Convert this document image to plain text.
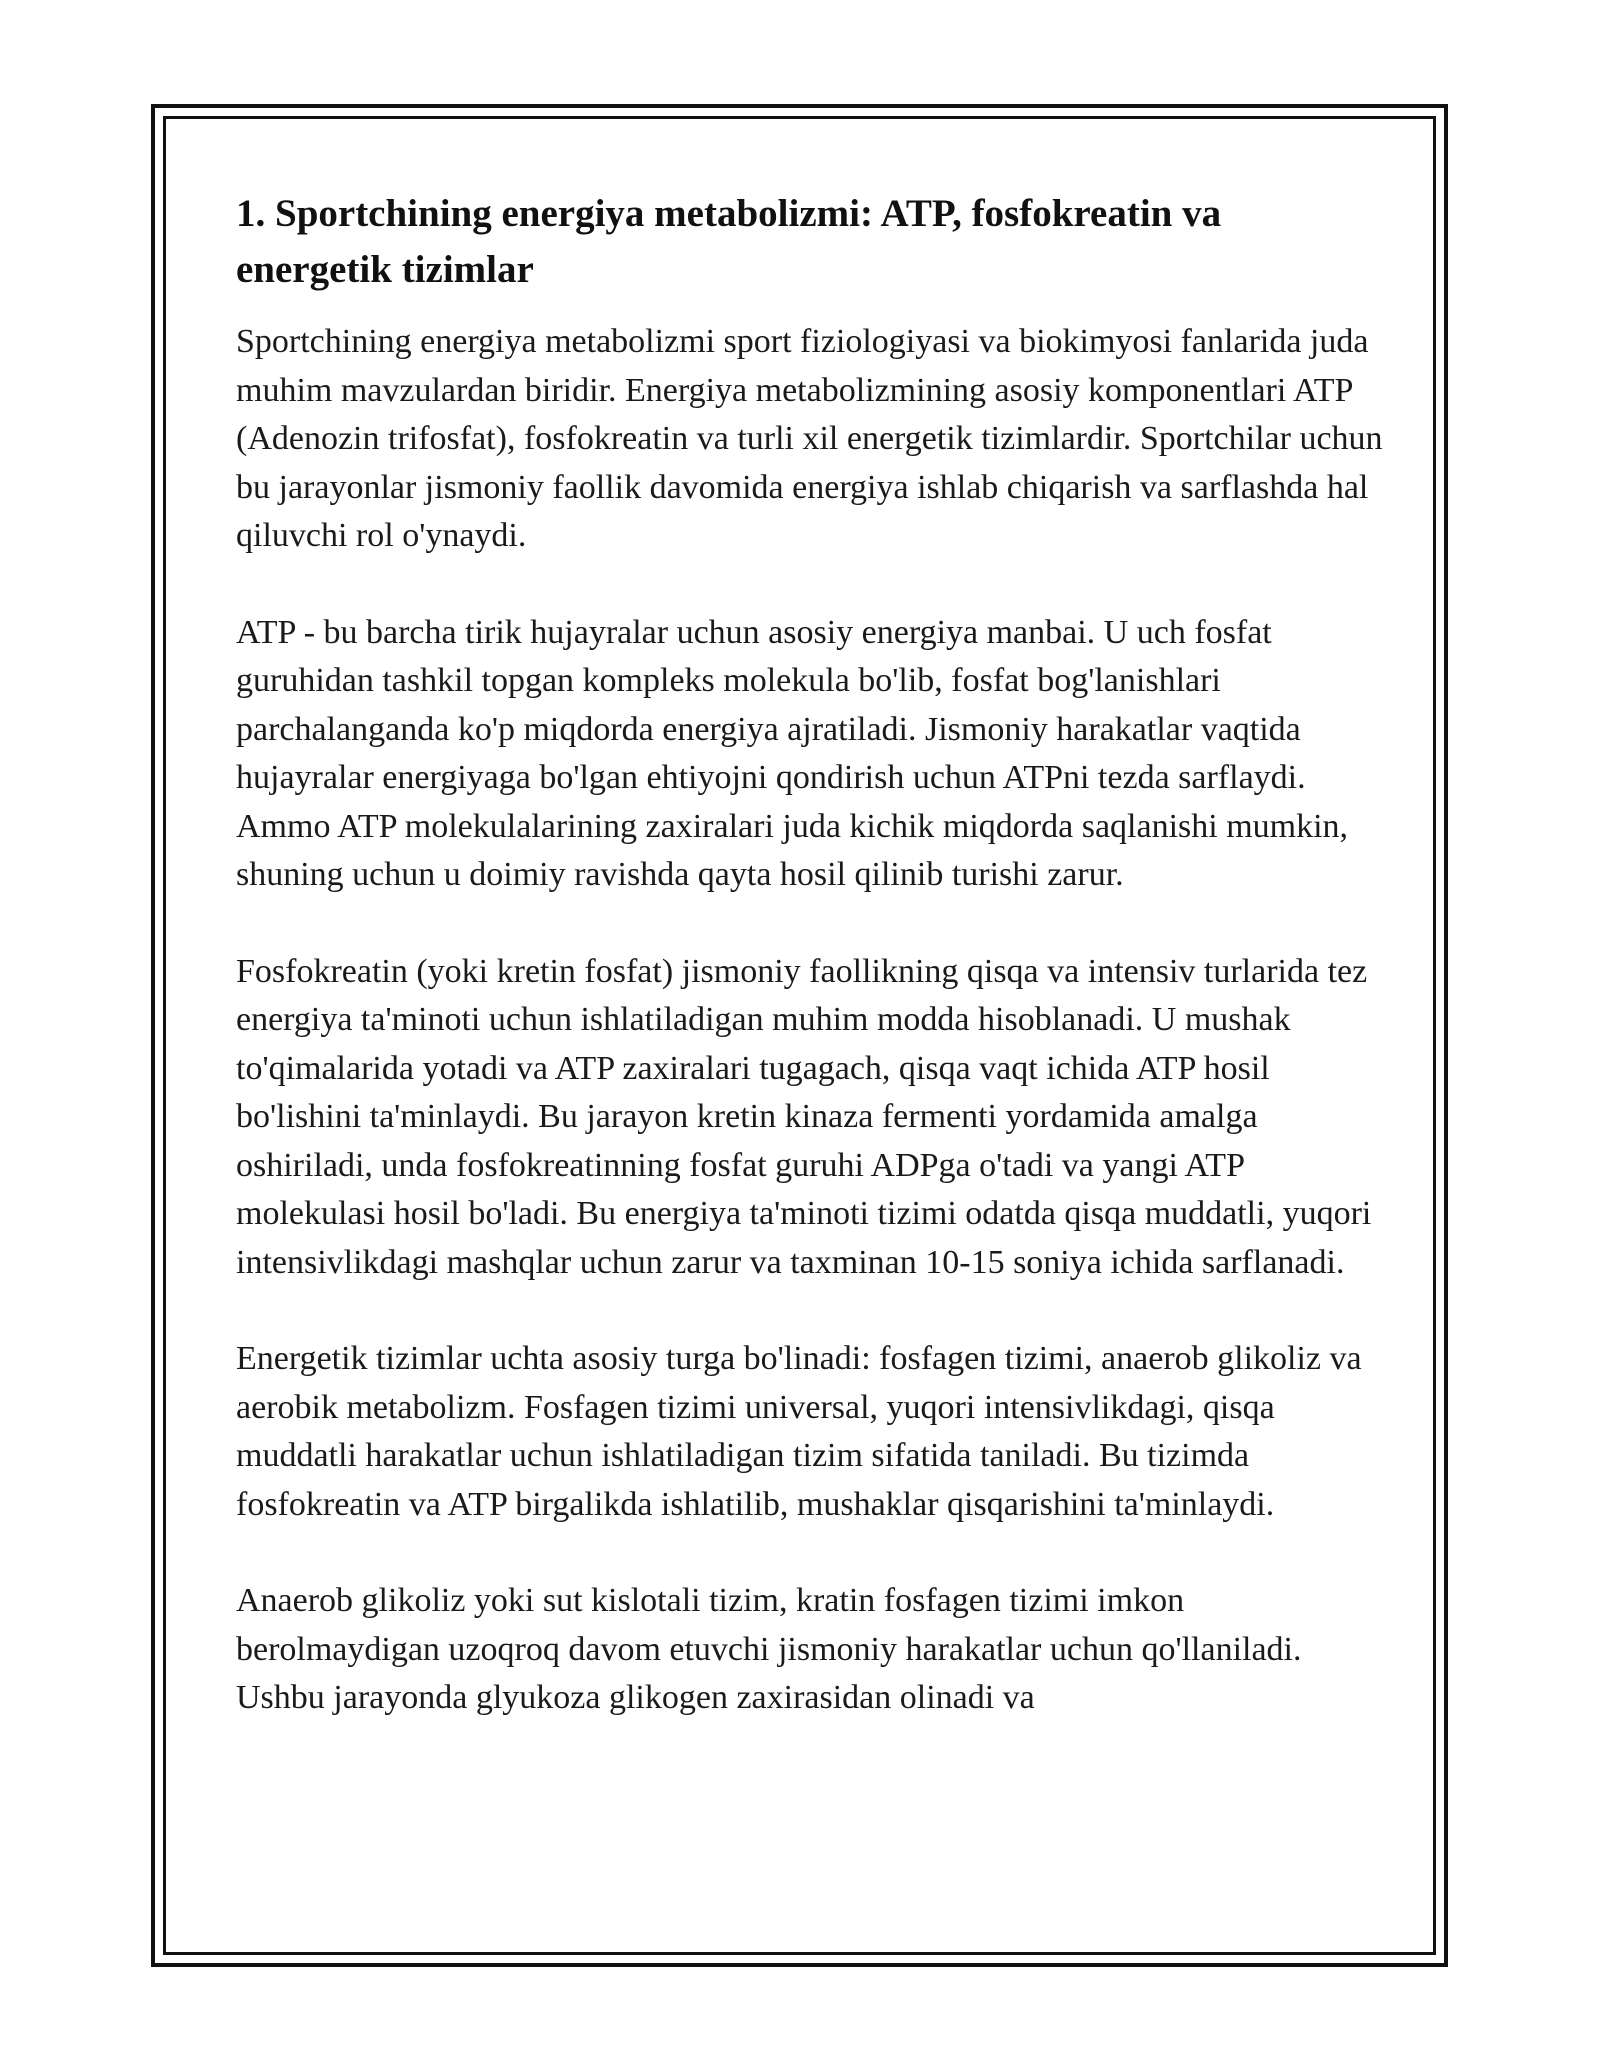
1. Sportchining energiya metabolizmi: ATP, fosfokreatin va energetik tizimlar

Sportchining energiya metabolizmi sport fiziologiyasi va biokimyosi fanlarida juda muhim mavzulardan biridir. Energiya metabolizmining asosiy komponentlari ATP (Adenozin trifosfat), fosfokreatin va turli xil energetik tizimlardir. Sportchilar uchun bu jarayonlar jismoniy faollik davomida energiya ishlab chiqarish va sarflashda hal qiluvchi rol o'ynaydi.

ATP - bu barcha tirik hujayralar uchun asosiy energiya manbai. U uch fosfat guruhidan tashkil topgan kompleks molekula bo'lib, fosfat bog'lanishlari parchalanganda ko'p miqdorda energiya ajratiladi. Jismoniy harakatlar vaqtida hujayralar energiyaga bo'lgan ehtiyojni qondirish uchun ATPni tezda sarflaydi. Ammo ATP molekulalarining zaxiralari juda kichik miqdorda saqlanishi mumkin, shuning uchun u doimiy ravishda qayta hosil qilinib turishi zarur.

Fosfokreatin (yoki kretin fosfat) jismoniy faollikning qisqa va intensiv turlarida tez energiya ta'minoti uchun ishlatiladigan muhim modda hisoblanadi. U mushak to'qimalarida yotadi va ATP zaxiralari tugagach, qisqa vaqt ichida ATP hosil bo'lishini ta'minlaydi. Bu jarayon kretin kinaza fermenti yordamida amalga oshiriladi, unda fosfokreatinning fosfat guruhi ADPga o'tadi va yangi ATP molekulasi hosil bo'ladi. Bu energiya ta'minoti tizimi odatda qisqa muddatli, yuqori intensivlikdagi mashqlar uchun zarur va taxminan 10-15 soniya ichida sarflanadi.

Energetik tizimlar uchta asosiy turga bo'linadi: fosfagen tizimi, anaerob glikoliz va aerobik metabolizm. Fosfagen tizimi universal, yuqori intensivlikdagi, qisqa muddatli harakatlar uchun ishlatiladigan tizim sifatida taniladi. Bu tizimda fosfokreatin va ATP birgalikda ishlatilib, mushaklar qisqarishini ta'minlaydi.

Anaerob glikoliz yoki sut kislotali tizim, kratin fosfagen tizimi imkon berolmaydigan uzoqroq davom etuvchi jismoniy harakatlar uchun qo'llaniladi. Ushbu jarayonda glyukoza glikogen zaxirasidan olinadi va
